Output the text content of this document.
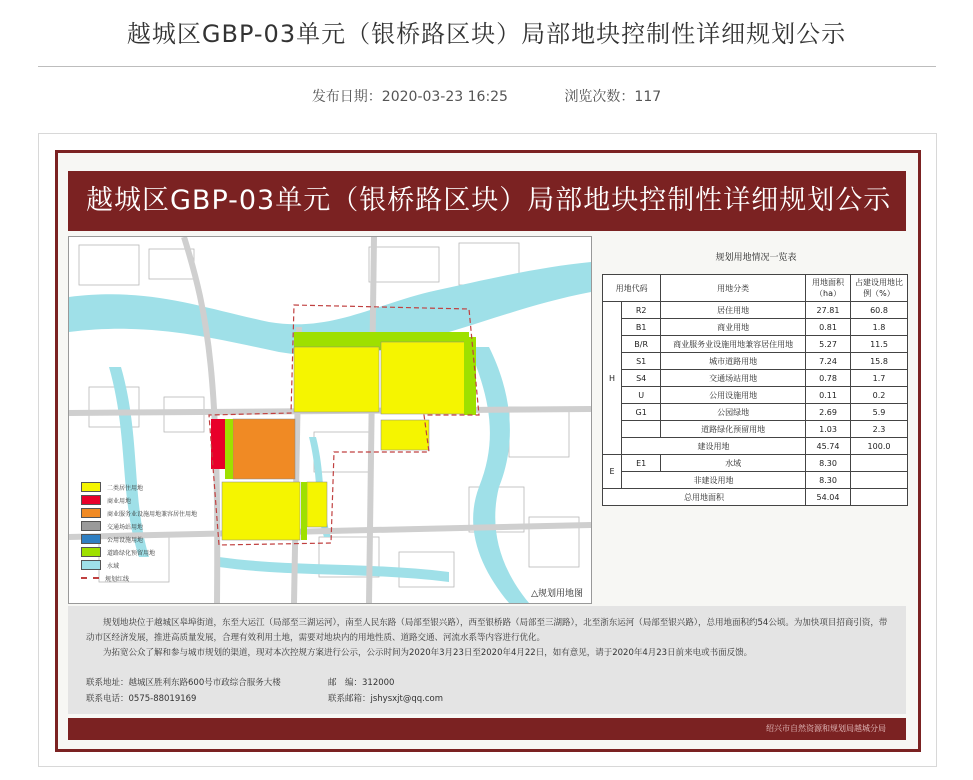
越城区GBP-03单元（银桥路区块）局部地块控制性详细规划公示
发布日期：2020-03-23 16:25	浏览次数：117
越城区GBP-03单元（银桥路区块）局部地块控制性详细规划公示
二类居住用地
商业用地
商业服务业设施用地兼容居住用地
交通场站用地
公用设施用地
道路绿化预留用地
水域
规划红线
△规划用地图
规划用地情况一览表
用地代码		用地分类	用地面积（ha）	占建设用地比例（%）
H	R2	居住用地	27.81	60.8
	B1	商业用地	0.81	1.8
	B/R	商业服务业设施用地兼容居住用地	5.27	11.5
	S1	城市道路用地	7.24	15.8
	S4	交通场站用地	0.78	1.7
	U	公用设施用地	0.11	0.2
	G1	公园绿地	2.69	5.9
		道路绿化预留用地	1.03	2.3
	建设用地		45.74	100.0
E	E1	水域	8.30	
	非建设用地		8.30	
总用地面积			54.04	
规划地块位于越城区皋埠街道，东至大运江（局部至三湖运河），南至人民东路（局部至银兴路），西至银桥路（局部至三湖路），北至浙东运河（局部至银兴路），总用地面积约54公顷。为加快项目招商引资，带动市区经济发展，推进高质量发展，合理有效利用土地，需要对地块内的用地性质、道路交通、河流水系等内容进行优化。
为拓宽公众了解和参与城市规划的渠道，现对本次控规方案进行公示，公示时间为2020年3月23日至2020年4月22日，如有意见，请于2020年4月23日前来电或书面反馈。
联系地址：越城区胜利东路600号市政综合服务大楼	邮　编：312000
联系电话：0575-88019169	联系邮箱：jshysxjt@qq.com
绍兴市自然资源和规划局越城分局
